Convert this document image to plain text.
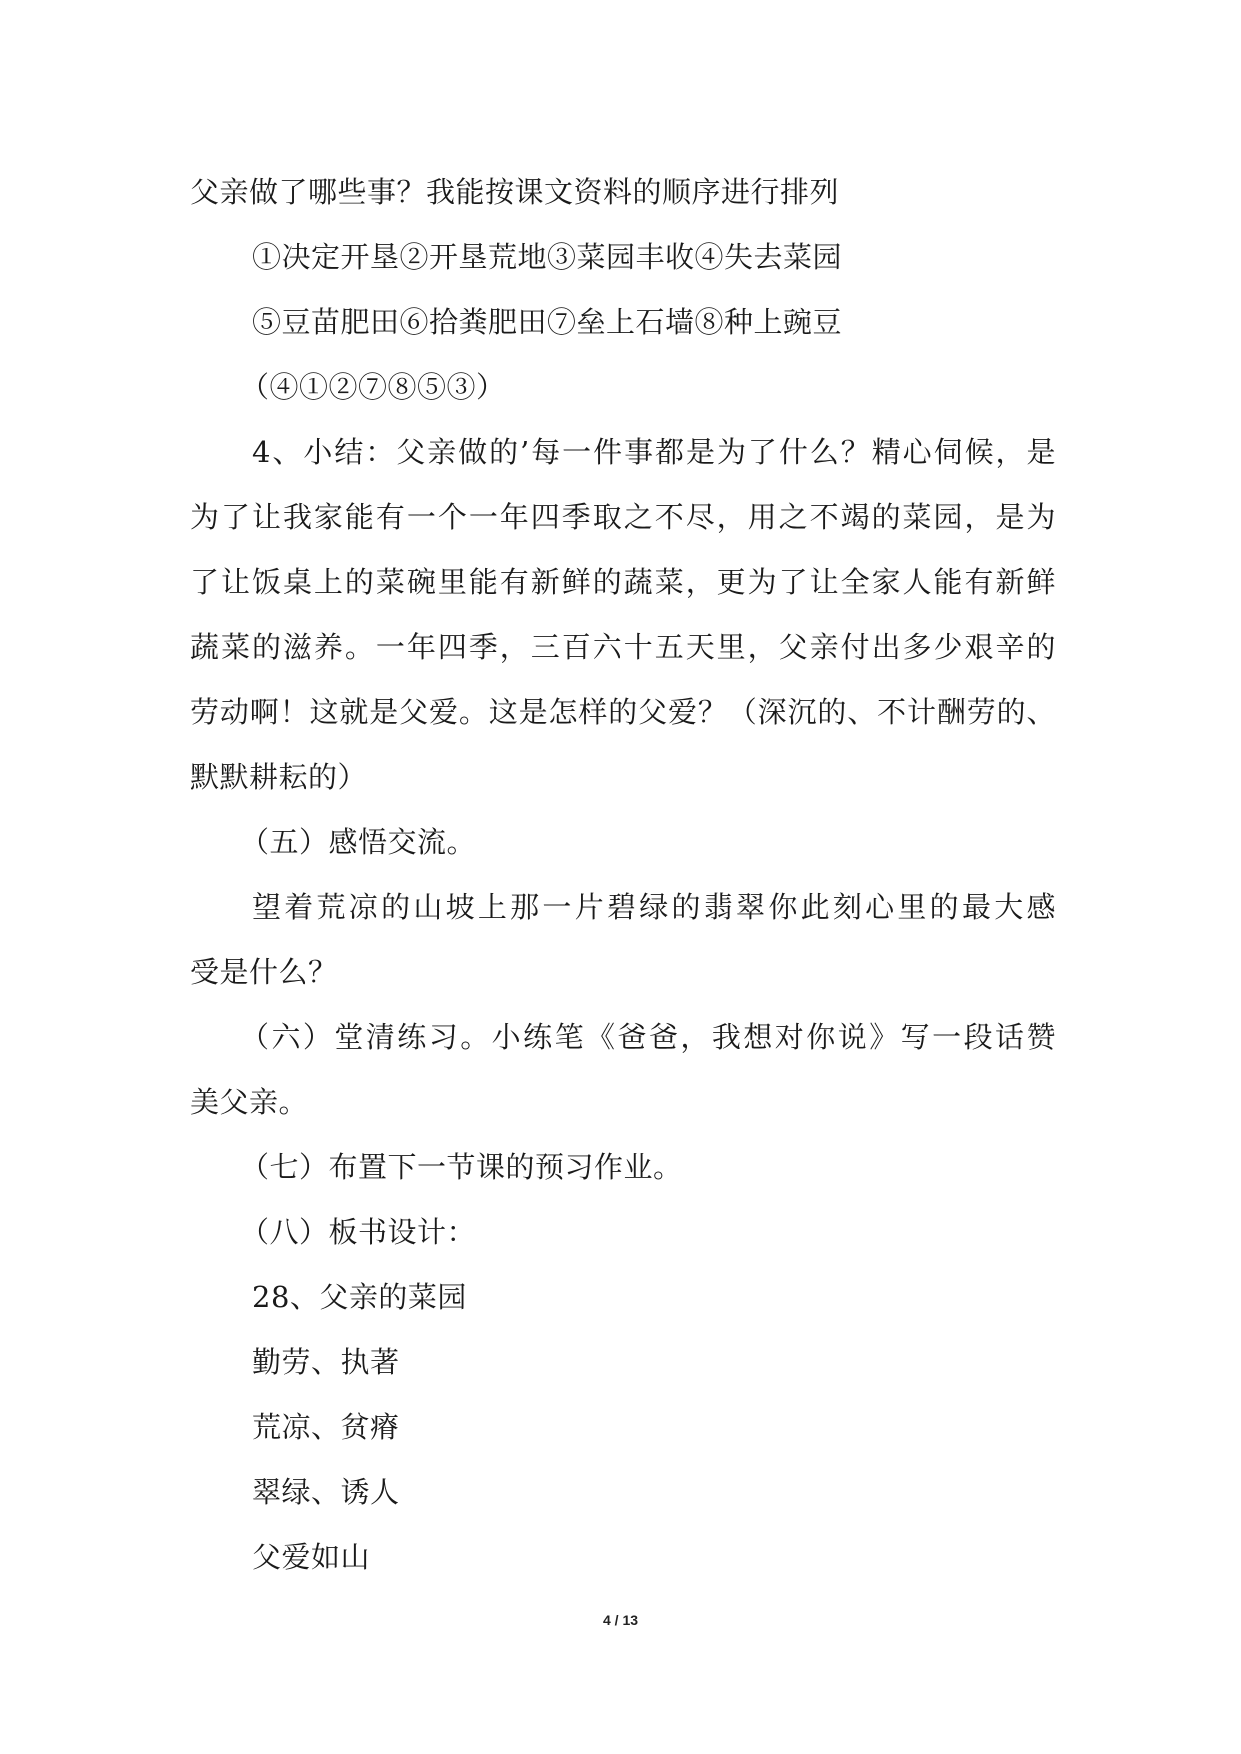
父亲做了哪些事？我能按课文资料的顺序进行排列
①决定开垦②开垦荒地③菜园丰收④失去菜园
⑤豆苗肥田⑥拾粪肥田⑦垒上石墙⑧种上豌豆
（④①②⑦⑧⑤③）
4、小结：父亲做的’每一件事都是为了什么？精心伺候，是
为了让我家能有一个一年四季取之不尽，用之不竭的菜园，是为
了让饭桌上的菜碗里能有新鲜的蔬菜，更为了让全家人能有新鲜
蔬菜的滋养。一年四季，三百六十五天里，父亲付出多少艰辛的
劳动啊！这就是父爱。这是怎样的父爱？（深沉的、不计酬劳的、
默默耕耘的）
（五）感悟交流。
望着荒凉的山坡上那一片碧绿的翡翠你此刻心里的最大感
受是什么？
（六）堂清练习。小练笔《爸爸，我想对你说》写一段话赞
美父亲。
（七）布置下一节课的预习作业。
（八）板书设计：
28、父亲的菜园
勤劳、执著
荒凉、贫瘠
翠绿、诱人
父爱如山
4 / 13
